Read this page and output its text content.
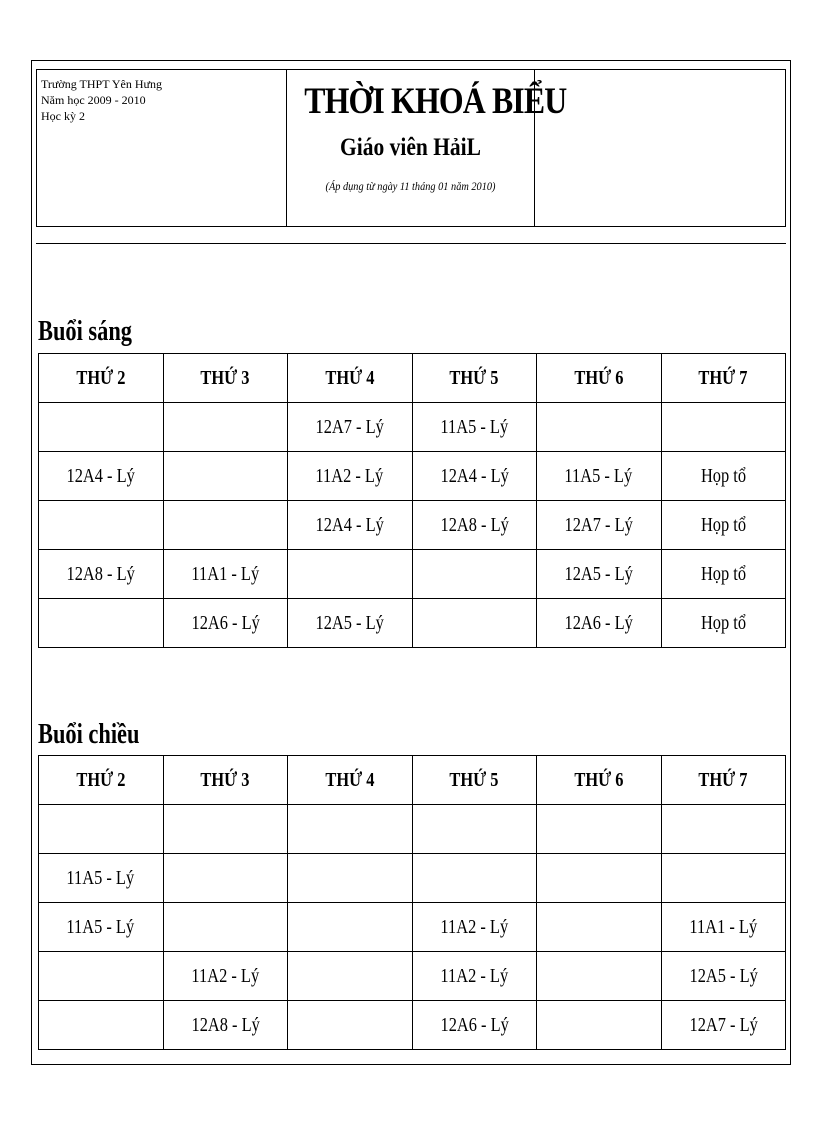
Trường THPT Yên Hưng
Năm học 2009 - 2010
Học kỳ 2	THỜI KHOÁ BIỂU
Giáo viên HảiL
(Áp dụng từ ngày 11 tháng 01 năm 2010)
Buổi sáng
THỨ 2	THỨ 3	THỨ 4	THỨ 5	THỨ 6	THỨ 7
		12A7 - Lý	11A5 - Lý		
12A4 - Lý		11A2 - Lý	12A4 - Lý	11A5 - Lý	Họp tổ
		12A4 - Lý	12A8 - Lý	12A7 - Lý	Họp tổ
12A8 - Lý	11A1 - Lý			12A5 - Lý	Họp tổ
	12A6 - Lý	12A5 - Lý		12A6 - Lý	Họp tổ
Buổi chiều
THỨ 2	THỨ 3	THỨ 4	THỨ 5	THỨ 6	THỨ 7

11A5 - Lý					
11A5 - Lý			11A2 - Lý		11A1 - Lý
	11A2 - Lý		11A2 - Lý		12A5 - Lý
	12A8 - Lý		12A6 - Lý		12A7 - Lý
